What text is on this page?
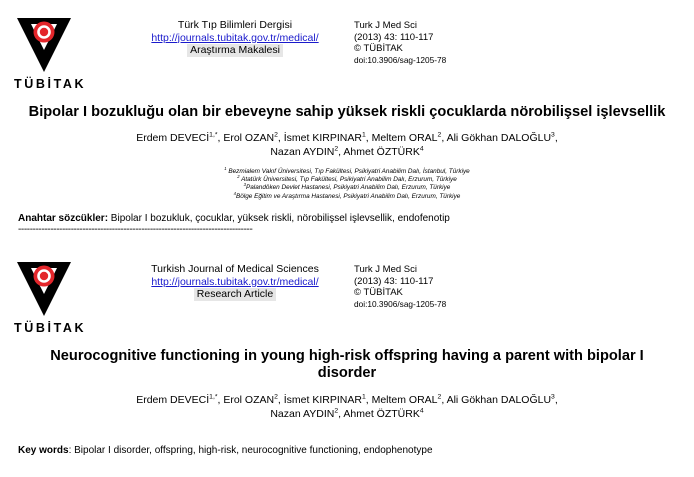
TÜBİTAK
Türk Tıp Bilimleri Dergisi
http://journals.tubitak.gov.tr/medical/
Araştırma Makalesi
Turk J Med Sci
(2013) 43: 110-117
© TÜBİTAK
doi:10.3906/sag-1205-78
Bipolar I bozukluğu olan bir ebeveyne sahip yüksek riskli çocuklarda nörobilişsel işlevsellik
Erdem $DEVECİ^{1,*}$, Erol OZAN$^2$, İsmet KIRPINAR$^1$, Meltem ORAL$^2$, Ali Gökhan DALOĞLU$^3$,
Nazan AYDIN$^2$, Ahmet ÖZTÜRK$^4$
$^1$ Bezmialem Vakıf Üniversitesi, Tıp Fakültesi, Psikiyatri Anabilim Dalı, İstanbul, Türkiye
$^2$ Atatürk Üniversitesi, Tıp Fakültesi, Psikiyatri Anabilim Dalı, Erzurum, Türkiye
$^3$Palandöken Devlet Hastanesi, Psikiyatri Anabilim Dalı, Erzurum, Türkiye
$^4$Bölge Eğitim ve Araştırma Hastanesi, Psikiyatri Anabilim Dalı, Erzurum, Türkiye
Anahtar sözcükler: Bipolar I bozukluk, çocuklar, yüksek riskli, nörobilişsel işlevsellik, endofenotip
--------------------------------------------------------------------------------
TÜBİTAK
Turkish Journal of Medical Sciences
http://journals.tubitak.gov.tr/medical/
Research Article
Turk J Med Sci
(2013) 43: 110-117
© TÜBİTAK
doi:10.3906/sag-1205-78
Neurocognitive functioning in young high-risk offspring having a parent with bipolar I
disorder
Erdem $DEVECİ^{1,*}$, Erol OZAN$^2$, İsmet KIRPINAR$^1$, Meltem ORAL$^2$, Ali Gökhan DALOĞLU$^3$,
Nazan AYDIN$^2$, Ahmet ÖZTÜRK$^4$
Key words: Bipolar I disorder, offspring, high-risk, neurocognitive functioning, endophenotype
